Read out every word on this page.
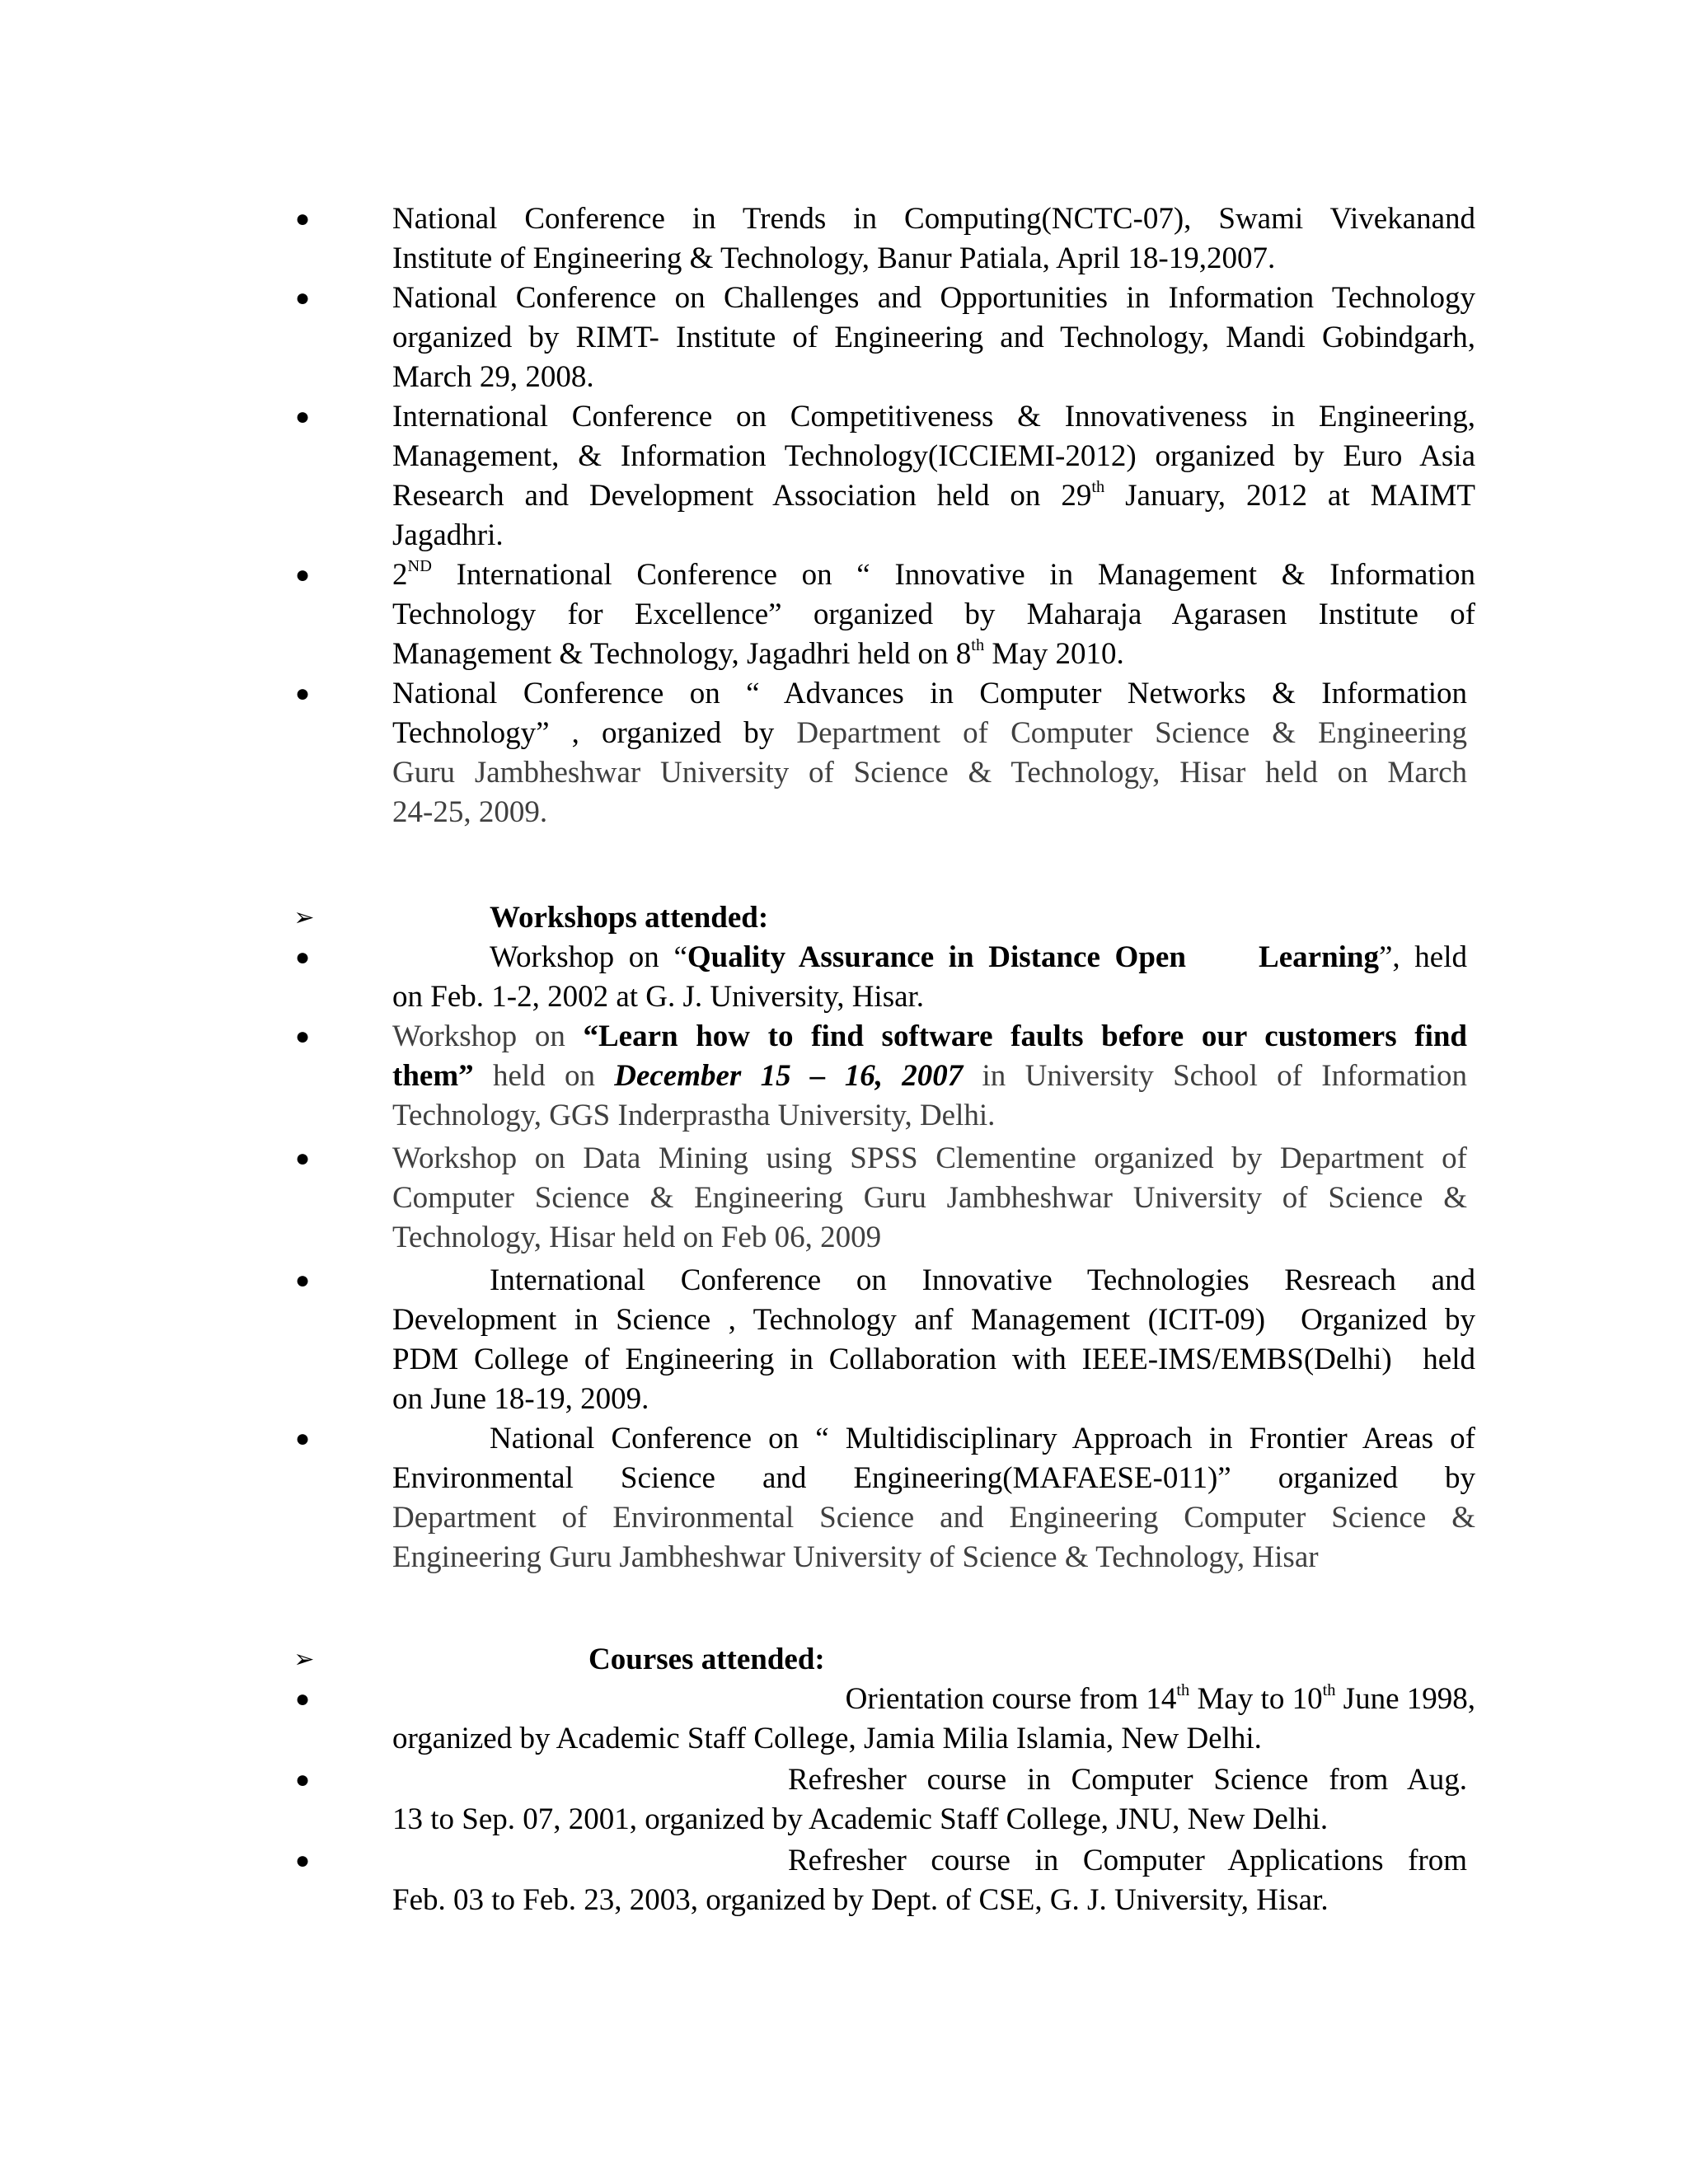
●	National Conference in Trends in Computing(NCTC-07), Swami Vivekanand
Institute of Engineering & Technology, Banur Patiala, April 18-19,2007.
●	National Conference on Challenges and Opportunities in Information Technology
organized by RIMT- Institute of Engineering and Technology, Mandi Gobindgarh,
March 29, 2008.
●	International Conference on Competitiveness & Innovativeness in Engineering,
Management, & Information Technology(ICCIEMI-2012) organized by Euro Asia
Research and Development Association held on 29th January, 2012 at MAIMT
Jagadhri.
●	2ND International Conference on “ Innovative in Management & Information
Technology for Excellence” organized by Maharaja Agarasen Institute of
Management & Technology, Jagadhri held on 8th May 2010.
●	National Conference on “ Advances in Computer Networks & Information
Technology” , organized by Department of Computer Science & Engineering
Guru Jambheshwar University of Science & Technology, Hisar held on March
24-25, 2009.
➢	Workshops attended:
●	Workshop on “Quality Assurance in Distance Open     Learning”, held
on Feb. 1-2, 2002 at G. J. University, Hisar.
●	Workshop on “Learn how to find software faults before our customers find
them” held on December 15 – 16, 2007 in University School of Information
Technology, GGS Inderprastha University, Delhi.
●	Workshop on Data Mining using SPSS Clementine organized by Department of
Computer Science & Engineering Guru Jambheshwar University of Science &
Technology, Hisar held on Feb 06, 2009
●	International Conference on Innovative Technologies Resreach and
Development in Science , Technology anf Management (ICIT-09)  Organized by
PDM College of Engineering in Collaboration with IEEE-IMS/EMBS(Delhi)  held
on June 18-19, 2009.
●	National Conference on “ Multidisciplinary Approach in Frontier Areas of
Environmental Science and Engineering(MAFAESE-011)” organized by
Department of Environmental Science and Engineering Computer Science &
Engineering Guru Jambheshwar University of Science & Technology, Hisar
➢	Courses attended:
●	Orientation course from 14th May to 10th June 1998,
organized by Academic Staff College, Jamia Milia Islamia, New Delhi.
●	Refresher course in Computer Science from Aug.
13 to Sep. 07, 2001, organized by Academic Staff College, JNU, New Delhi.
●	Refresher course in Computer Applications from
Feb. 03 to Feb. 23, 2003, organized by Dept. of CSE, G. J. University, Hisar.
